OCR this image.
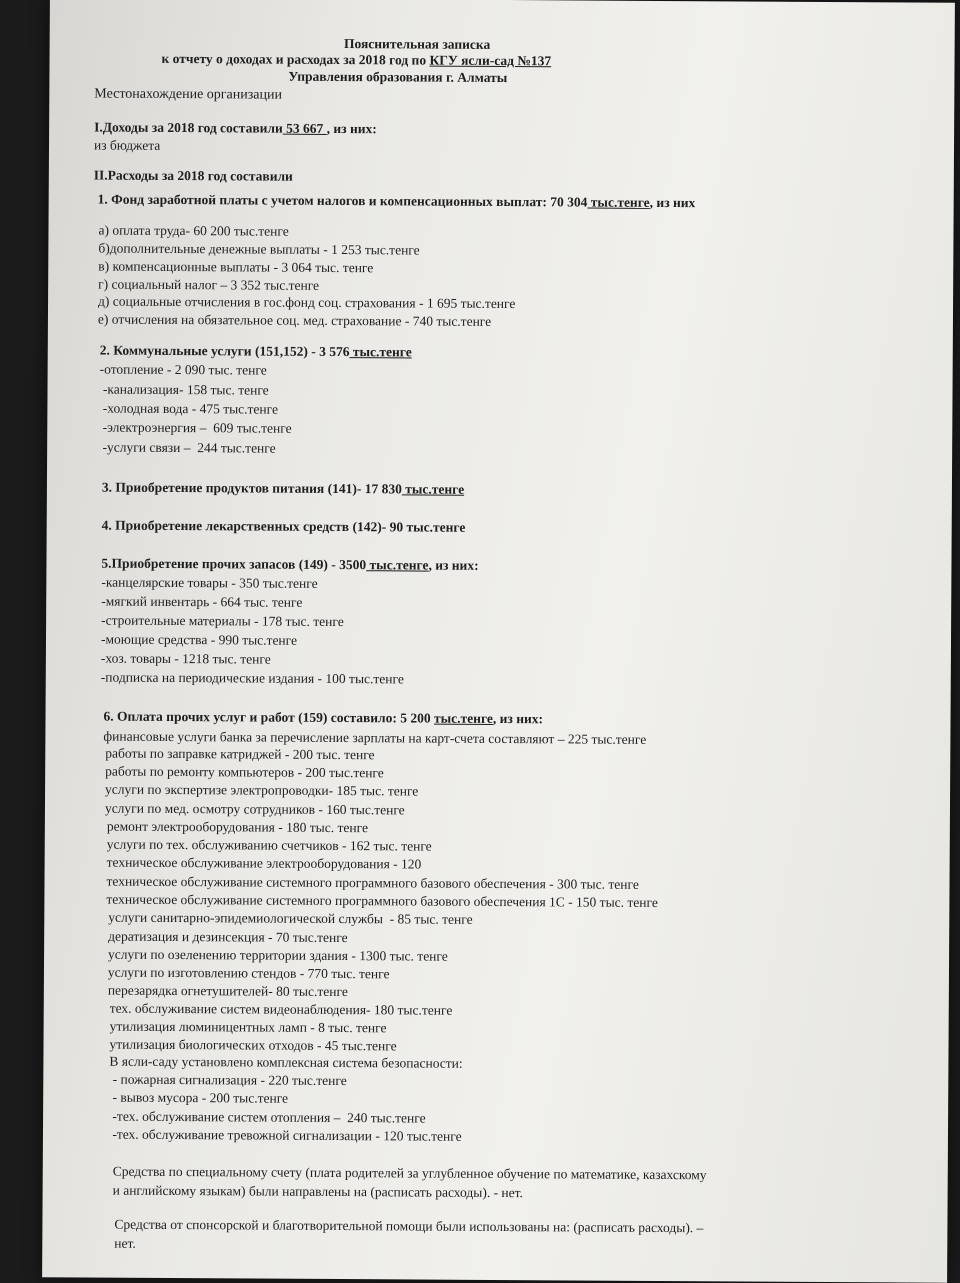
Пояснительная записка
к отчету о доходах и расходах за 2018 год по КГУ ясли-сад №137
Управления образования г. Алматы
Местонахождение организации
I.Доходы за 2018 год составили 53 667 , из них:
из бюджета
II.Расходы за 2018 год составили
1. Фонд заработной платы с учетом налогов и компенсационных выплат: 70 304 тыс.тенге, из них
а) оплата труда- 60 200 тыс.тенге
б)дополнительные денежные выплаты - 1 253 тыс.тенге
в) компенсационные выплаты - 3 064 тыс. тенге
г) социальный налог – 3 352 тыс.тенге
д) социальные отчисления в гос.фонд соц. страхования - 1 695 тыс.тенге
е) отчисления на обязательное соц. мед. страхование - 740 тыс.тенге
2. Коммунальные услуги (151,152) - 3 576 тыс.тенге
-отопление - 2 090 тыс. тенге
-канализация- 158 тыс. тенге
-холодная вода - 475 тыс.тенге
-электроэнергия –  609 тыс.тенге
-услуги связи –  244 тыс.тенге
3. Приобретение продуктов питания (141)- 17 830 тыс.тенге
4. Приобретение лекарственных средств (142)- 90 тыс.тенге
5.Приобретение прочих запасов (149) - 3500 тыс.тенге, из них:
-канцелярские товары - 350 тыс.тенге
-мягкий инвентарь - 664 тыс. тенге
-строительные материалы - 178 тыс. тенге
-моющие средства - 990 тыс.тенге
-хоз. товары - 1218 тыс. тенге
-подписка на периодические издания - 100 тыс.тенге
6. Оплата прочих услуг и работ (159) составило: 5 200 тыс.тенге, из них:
финансовые услуги банка за перечисление зарплаты на карт-счета составляют – 225 тыс.тенге
работы по заправке катриджей - 200 тыс. тенге
работы по ремонту компьютеров - 200 тыс.тенге
услуги по экспертизе электропроводки- 185 тыс. тенге
услуги по мед. осмотру сотрудников - 160 тыс.тенге
ремонт электрооборудования - 180 тыс. тенге
услуги по тех. обслуживанию счетчиков - 162 тыс. тенге
техническое обслуживание электрооборудования - 120
техническое обслуживание системного программного базового обеспечения - 300 тыс. тенге
техническое обслуживание системного программного базового обеспечения 1С - 150 тыс. тенге
услуги санитарно-эпидемиологической службы  - 85 тыс. тенге
дератизация и дезинсекция - 70 тыс.тенге
услуги по озеленению территории здания - 1300 тыс. тенге
услуги по изготовлению стендов - 770 тыс. тенге
перезарядка огнетушителей- 80 тыс.тенге
тех. обслуживание систем видеонаблюдения- 180 тыс.тенге
утилизация люминицентных ламп - 8 тыс. тенге
утилизация биологических отходов - 45 тыс.тенге
В ясли-саду установлено комплексная система безопасности:
- пожарная сигнализация - 220 тыс.тенге
- вывоз мусора - 200 тыс.тенге
-тех. обслуживание систем отопления –  240 тыс.тенге
-тех. обслуживание тревожной сигнализации - 120 тыс.тенге
Средства по специальному счету (плата родителей за углубленное обучение по математике, казахскому
и английскому языкам) были направлены на (расписать расходы). - нет.
Средства от спонсорской и благотворительной помощи были использованы на: (расписать расходы). –
нет.
